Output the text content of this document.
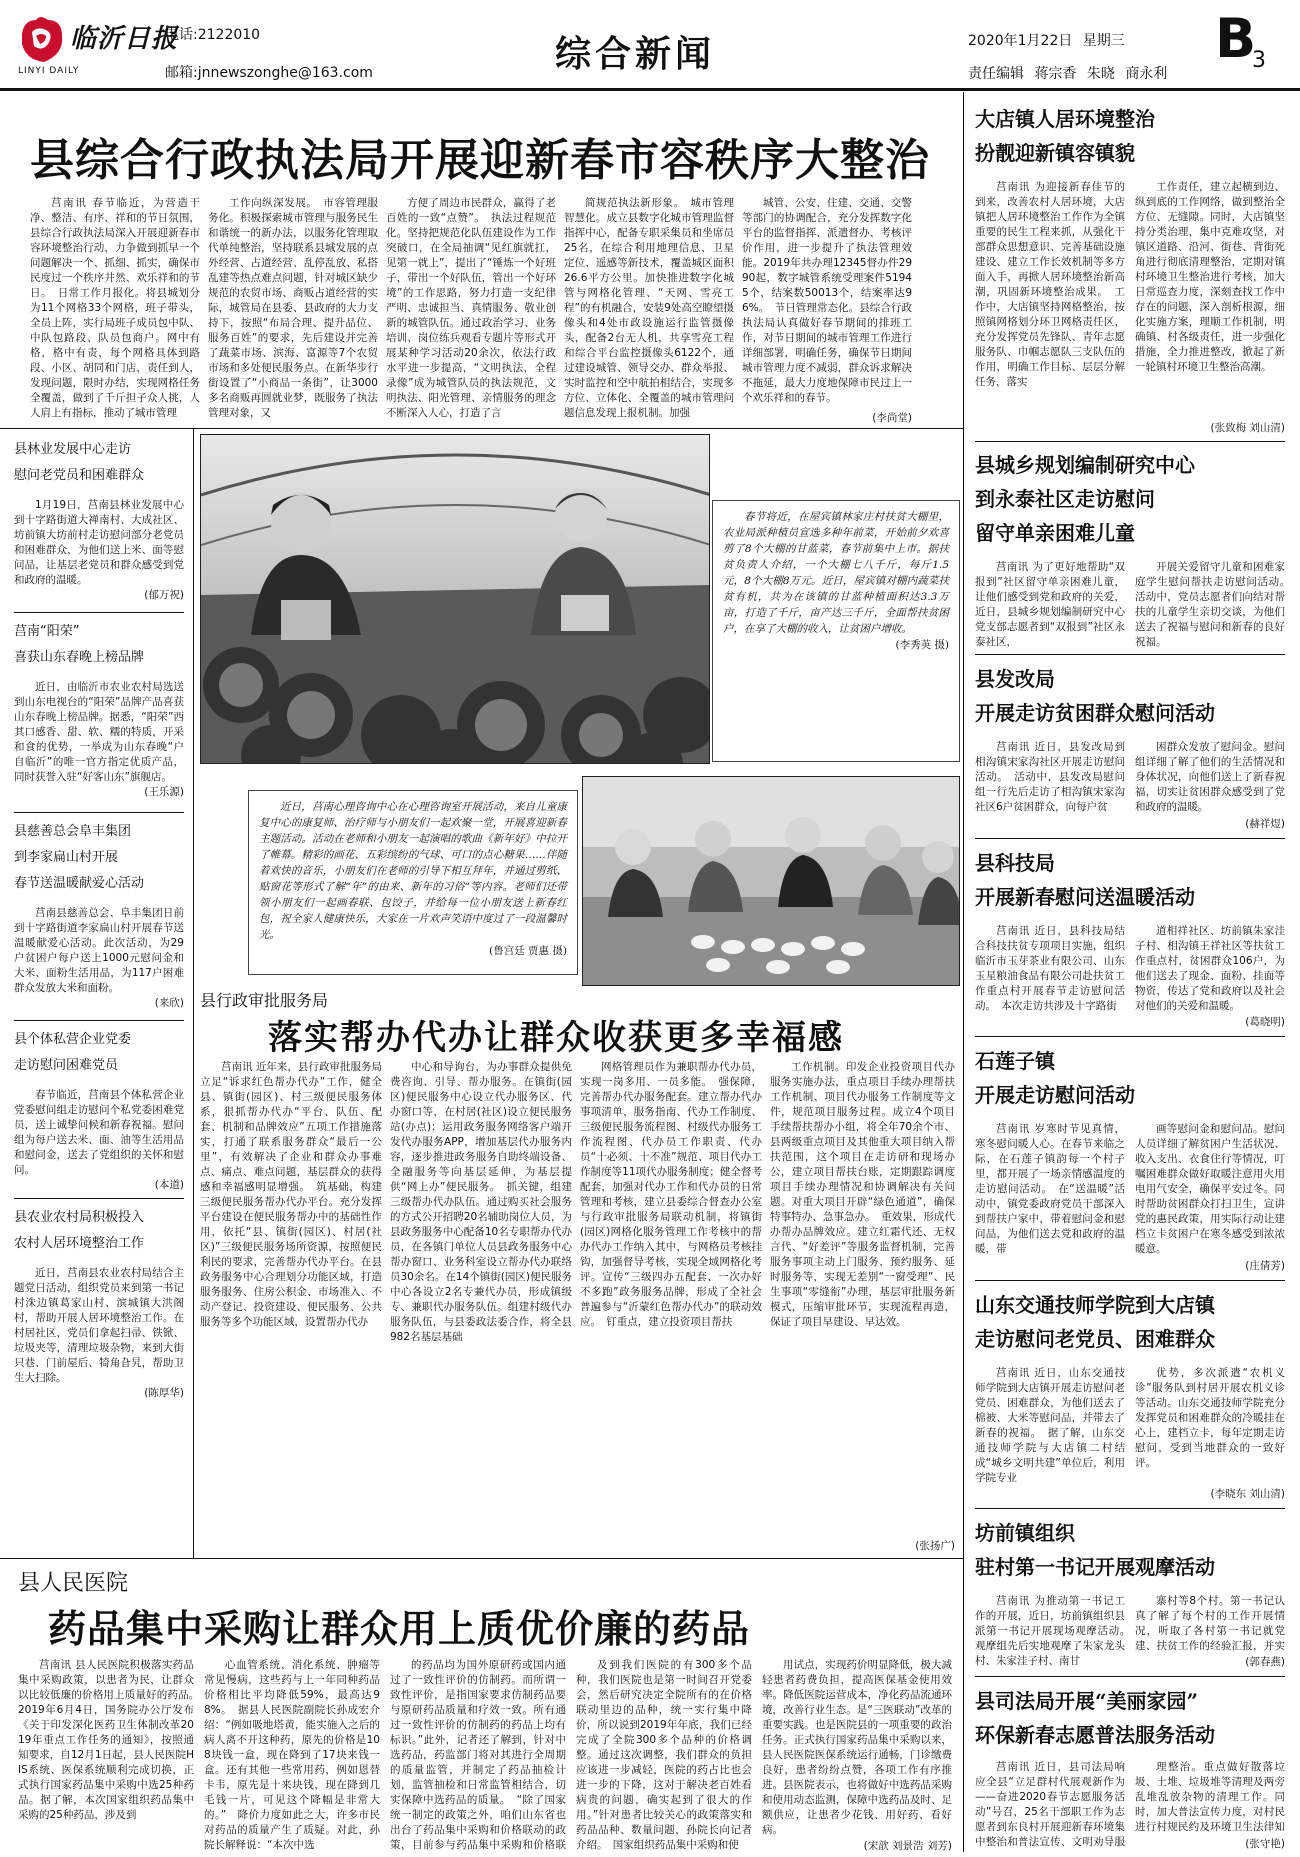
临沂日报
LINYI DAILY
电话:2122010
邮箱:jnnewszonghe@163.com	综合新闻	2020年1月22日 星期三
责任编辑 蒋宗香 朱晓 商永利
B
3
县综合行政执法局开展迎新春市容秩序大整治

莒南讯 春节临近，为营造干净、整洁、有序、祥和的节日氛围，县综合行政执法局深入开展迎新春市容环境整治行动，力争做到抓早一个问题解决一个、抓细、抓实，确保市民度过一个秩序井然、欢乐祥和的节日。　日常工作月报化。将县城划分为11个网格33个网格，班子带头，全员上阵，实行局班子成员包中队、中队包路段、队员包商户。网中有格，格中有责，每个网格具体到路段、小区、胡同和门店，责任到人，发现问题，限时办结，实现网格任务全覆盖，做到了千斤担子众人挑，人人肩上有指标，推动了城市管理

工作向纵深发展。　市容管理服务化。积极探索城市管理与服务民生和谐统一的新办法，以服务化管理取代单纯整治，坚持联系县城发展的点外经营、占道经营、乱停乱放、私搭乱建等热点难点问题，针对城区缺少规范的农贸市场、商贩占道经营的实际，城管局在县委、县政府的大力支持下，按照“布局合理、提升品位、服务百姓”的要求，先后建设并完善了蔬菜市场、滨海、富源等7个农贸市场和多处便民服务点。在新华步行街设置了“小商品一条街”，让3000多名商贩再圆就业梦，既服务了执法管理对象，又

方便了周边市民群众，赢得了老百姓的一致“点赞”。　执法过程规范化。坚持把规范化队伍建设作为工作突破口，在全局抽调“见红旗就扛，见第一就上”，提出了“锤炼一个好班子，带出一个好队伍，管出一个好环境”的工作思路，努力打造一支纪律严明、忠诚担当、真情服务、敬业创新的城管队伍。通过政治学习、业务培训、岗位练兵观看专题片等形式开展某种学习活动20余次，依法行政水平进一步提高，“文明执法，全程录像”成为城管队员的执法规范，文明执法、阳光管理、亲情服务的理念不断深入人心，打造了言

简规范执法新形象。　城市管理智慧化。成立县数字化城市管理监督指挥中心，配备专职采集员和坐席员25名，在综合利用地理信息、卫星定位、遥感等新技术，覆盖城区面积26.6平方公里。加快推进数字化城管与网格化管理、“天网、雪亮工程”的有机融合，安装9处高空瞭望摄像头和4处市政设施运行监管摄像头，配备2台无人机，共享雪亮工程和综合平台监控摄像头6122个，通过建设城管、领导交办、群众举报、实时监控和空中航拍相结合，实现多方位、立体化、全覆盖的城市管理问题信息发现上报机制。加强

城管、公安、住建、交通、交警等部门的协调配合，充分发挥数字化平台的监督指挥、派遣督办、考核评价作用，进一步提升了执法管理效能。2019年共办理12345督办件2990起，数字城管系统受理案件51945个，结案数50013个，结案率达96%。　节日管理常态化。县综合行政执法局认真做好春节期间的排班工作，对节日期间的城市管理工作进行详细部署，明确任务，确保节日期间城市管理力度不减弱，群众诉求解决不拖延，最大力度地保障市民过上一个欢乐祥和的春节。

(李尚堂)
大店镇人居环境整治
扮靓迎新镇容镇貌

莒南讯 为迎接新春佳节的到来，改善农村人居环境，大店镇把人居环境整治工作作为全镇重要的民生工程来抓，从强化干部群众思想意识、完善基础设施建设、建立工作长效机制等多方面入手，再掀人居环境整治新高潮，巩固新环境整治成果。　工作中，大店镇坚持网格整治，按照镇网格划分环卫网格责任区，充分发挥党员先锋队、青年志愿服务队、巾帼志愿队三支队伍的作用，明确工作目标、层层分解任务，落实

工作责任，建立起横到边、纵到底的工作网络，做到整治全方位、无缝隙。同时，大店镇坚持分类治理，集中克难攻坚，对镇区道路、沿河、街巷、背街死角进行彻底清理整治，定期对镇村环境卫生整治进行考核，加大日常巡查力度，深刻查找工作中存在的问题，深入剖析根源，细化实施方案，理顺工作机制，明确镇、村各级责任，进一步强化措施，全力推进整改，掀起了新一轮镇村环境卫生整治高潮。

(张致梅 刘山清)
县城乡规划编制研究中心
到永泰社区走访慰问
留守单亲困难儿童

莒南讯 为了更好地帮助“双报到”社区留守单亲困难儿童，让他们感受到党和政府的关爱，近日，县城乡规划编制研究中心党支部志愿者到“双报到”社区永泰社区，

开展关爱留守儿童和困难家庭学生慰问帮扶走访慰问活动。　活动中，党员志愿者们向结对帮扶的儿童学生亲切交谈，为他们送去了祝福与慰问和新春的良好祝福。

县发改局
开展走访贫困群众慰问活动

莒南讯 近日，县发改局到相沟镇宋家沟社区开展走访慰问活动。　活动中，县发改局慰问组一行先后走访了相沟镇宋家沟社区6户贫困群众，向每户贫

困群众发放了慰问金。慰问组详细了解了他们的生活情况和身体状况，向他们送上了新春祝福，切实让贫困群众感受到了党和政府的温暖。

(赫祥煜)
县科技局
开展新春慰问送温暖活动

莒南讯 近日，县科技局结合科技扶贫专项项目实施，组织临沂市玉芽茶业有限公司、山东玉星粮油食品有限公司赴扶贫工作重点村开展春节走访慰问活动。　本次走访共涉及十字路街

道相祥社区、坊前镇朱家洼子村、相沟镇王祥社区等扶贫工作重点村，贫困群众106户，为他们送去了现金、面粉、挂面等物资，传达了党和政府以及社会对他们的关爱和温暖。

(葛晓明)
石莲子镇
开展走访慰问活动

莒南讯 岁寒时节见真情，寒冬慰问暖人心。在春节来临之际，在石莲子镇韵每一个村子里，都开展了一场亲情感温度的走访慰问活动。　在“送温暖”活动中，镇党委政府党员干部深入到帮扶户家中，带着慰问金和慰问品，为他们送去党和政府的温暖，带

画等慰问金和慰问品。慰问人员详细了解贫困户生活状况、收入支出、衣食住行等情况，叮嘱困难群众做好取暖注意用火用电用气安全，确保平安过冬。同时帮助贫困群众打扫卫生，宣讲党的惠民政策，用实际行动让建档立卡贫困户在寒冬感受到浓浓暖意。

(庄倩芳)
山东交通技师学院到大店镇
走访慰问老党员、困难群众

莒南讯 近日，山东交通技师学院到大店镇开展走访慰问老党员、困难群众，为他们送去了棉被、大米等慰问品，并带去了新春的祝福。　据了解，山东交通技师学院与大店镇二村结成“城乡文明共建”单位后，利用学院专业

优势，多次派遣“农机义诊”服务队到村居开展农机义诊等活动。山东交通技师学院充分发挥党员和困难群众的冷暖挂在心上，建档立卡，每年定期走访慰问，受到当地群众的一致好评。

(李晓东 刘山清)
坊前镇组织
驻村第一书记开展观摩活动

莒南讯 为推动第一书记工作的开展，近日，坊前镇组织县派第一书记开展现场观摩活动。　观摩组先后实地观摩了朱家龙头村、朱家洼子村、南甘

寨村等8个村。第一书记认真了解了每个村的工作开展情况，听取了各村第一书记就党建、扶贫工作的经验汇报，并实

(郭春燕)
县司法局开展“美丽家园”
环保新春志愿普法服务活动

莒南讯 近日，县司法局响应全县“立足群村代展观新作为——奋进2020春节志愿服务活动”号召，25名干部职工作为志愿者到东良村开展迎新春环境集中整治和普法宣传、文明劝导服　

理整治。重点做好散落垃圾、土堆、垃圾堆等清理及两旁乱堆乱放杂物的清理工作。同时，加大普法宣传力度，对村民进行村规民约及环境卫生法律知

(张守艳)
县林业发展中心走访
慰问老党员和困难群众

1月19日，莒南县林业发展中心到十字路街道大禅南村、大成社区、坊前镇大坊前村走访慰问部分老党员和困难群众，为他们送上米、面等慰问品，让基层老党员和群众感受到党和政府的温暖。

(郁万祝)
莒南“阳荣”
喜获山东春晚上榜品牌

近日，由临沂市农业农村局选送到山东电视台的“阳荣”品牌产品喜获山东春晚上榜品牌。据悉，“阳荣”西其口感香、甜、软、糯的特质，开采和食的优势，一举成为山东春晚“户自临沂”的唯一官方指定优质产品，同时获誉入驻“好客山东”旗舰店。

(王乐源)
县慈善总会阜丰集团
到李家扁山村开展
春节送温暖献爱心活动

莒南县慈善总会、阜丰集团日前到十字路街道李家扁山村开展春节送温暖献爱心活动。此次活动，为29户贫困户每户送上1000元慰问金和大米、面粉生活用品，为117户困难群众发放大米和面粉。

(来欣)
县个体私营企业党委
走访慰问困难党员

春节临近，莒南县个体私营企业党委慰问组走访慰问个私党委困难党员，送上诚挚问候和新春祝福。慰问组为每户送去米、面、油等生活用品和慰问金，送去了党组织的关怀和慰问。

(本道)
县农业农村局积极投入
农村人居环境整治工作

近日，莒南县农业农村局结合主题党日活动，组织党员来到第一书记村洙边镇葛家山村、滨城镇大洪阁村，帮助开展人居环境整治工作。在村居社区，党员们拿起扫帚、铁锨、垃圾夹等，清理垃圾杂物，来到大街只巷、门前屋后、犄角旮旯，帮助卫生大扫除。

(陈厚华)

春节将近，在屋宾镇林家庄村扶贫大棚里，农业局派种植员宣选多种年前菜，开始前夕欢喜剪了8个大棚的甘蓝菜，春节前集中上市。据扶贫负责人介绍，一个大棚七八千斤，每斤1.5元，8个大棚8万元。近日，屋宾镇对棚内蔬菜扶贫有机，共为在该镇的甘蓝种植面积达3.3万亩，打造了千斤，亩产达三千斤，全面帮扶贫困户，在享了大棚的收入，让贫困户增收。

(李秀英 摄)

近日，莒南心理咨询中心在心理咨询室开展活动，来自儿童康复中心的康复师、治疗师与小朋友们一起欢聚一堂，开展喜迎新春主题活动。活动在老师和小朋友一起演唱的歌曲《新年好》中拉开了帷幕。精彩的画花、五彩缤纷的气球、可口的点心糖果……伴随着欢快的音乐，小朋友们在老师的引导下相互拜年，并通过剪纸、贴窗花等形式了解“年”的由来、新年的习俗“等内容。老师们还带领小朋友们一起画春联、包饺子，并给每一位小朋友送上新春红包，祝全家人健康快乐，大家在一片欢声笑语中度过了一段温馨时光。

(鲁宫廷 贾惠 摄)
县行政审批服务局
落实帮办代办让群众收获更多幸福感

莒南讯 近年来，县行政审批服务局立足“诉求红色帮办代办”工作，健全县、镇街(园区)、村三级便民服务体系，狠抓帮办代办“平台、队伍、配套、机制和品牌效应”五项工作措施落实，打通了联系服务群众“最后一公里”，有效解决了企业和群众办事难点、痛点、难点问题，基层群众的获得感和幸福感明显增强。　筑基础，构建三级便民服务帮办代办平台。充分发挥平台建设在便民服务帮办中的基础性作用，依托“县、镇街(园区)、村居(社区)”三级便民服务场所资源，按照便民利民的要求，完善帮办代办平台。在县政务服务中心合理划分功能区域，打造服务服务、住房公积金、市场准入、不动产登记、投资建设、便民服务、公共服务等多个功能区域，设置帮办代办

中心和导询台，为办事群众提供免费咨询、引导、帮办服务。在镇街(园区)便民服务中心设立代办服务区、代办窗口等，在村居(社区)设立便民服务站(办点)；运用政务服务网络客户端开发代办服务APP，增加基层代办服务内容，逐步推进政务服务自助终端设备、全融服务等向基层延伸，为基层提供“网上办”便民服务。　抓关键，组建三级帮办代办队伍。通过购买社会服务的方式公开招聘20名辅助岗位人员，为县政务服务中心配备10名专职帮办代办员，在各镇门单位人员县政务服务中心帮办窗口、业务科室设立帮办代办联络员30余名。在14个镇街(园区)便民服务中心各设立2名专兼代办员，形成镇级专、兼职代办服务队伍。组建村级代办服务队伍，与县委政法委合作，将全县982名基层基础

网格管理员作为兼职帮办代办员，实现一岗多用、一员多能。　强保障，完善帮办代办服务配套。建立帮办代办事项清单、服务指南、代办工作制度、三级便民服务流程图、村级代办服务工作流程图、代办员工作职责、代办员“十必须、十不准”规范、项目代办工作制度等11项代办服务制度；健全督考配套，加强对代办工作和代办员的日常管理和考核，建立县委综合督查办公室与行政审批服务局联动机制，将镇街(园区)网格化服务管理工作考核中的帮办代办工作纳入其中，与网格员考核挂钩，加强督导考核，实现全域网格化考评。宣传“三级四办五配套、一次办好不多跑”政务服务品牌，形成了全社会普遍参与“沂蒙红色帮办代办”的联动效应。　钉重点，建立投资项目帮扶

工作机制。印发企业投资项目代办服务实施办法，重点项目手续办理帮扶工作机制、项目代办服务工作制度等文件，规范项目服务过程。成立4个项目手续帮扶帮办小组，将全年70余个市、县两级重点项目及其他重大项目纳入帮扶范围，这个项目在走访研和现场办公，建立项目帮扶台账，定期跟踪调度项目手续办理情况和协调解决有关问题。对重大项目开辟“绿色通道”，确保特事特办、急事急办。　重效果，形成代办帮办品牌效应。建立红霜代还、无权言代、“好差评”等服务监督机制，完善服务事项主动上门服务、预约服务、延时服务等，实现无差别“一窗受理”、民生事项“零缝衔”办理，基层审批服务新模式，压缩审批环节，实现流程再造，保证了项目早建设、早达效。

(张扬广)
县人民医院
药品集中采购让群众用上质优价廉的药品

莒南讯 县人民医院积极落实药品集中采购政策，以患者为民，让群众以比较低廉的价格用上质量好的药品。　2019年6月4日，国务院办公厅发布《关于印发深化医药卫生体制改革2019年重点工作任务的通知》，按照通知要求，自12月1日起，县人民医院HIS系统、医保系统顺利完成切换，正式执行国家药品集中采购中选25种药品。据了解，本次国家组织药品集中采购的25种药品，涉及到

心血管系统、消化系统、肿瘤等常见慢病，这些药与上一年同种药品价格相比平均降低59%，最高达98%。　据县人民医院副院长孙成宏介绍：“例如吸地塔黄，能实施入之后的病人离不开这种药，原先的价格是108块钱一盒，现在降到了17块来钱一盒。还有其他一些常用药，例如恩替卡韦，原先是十来块钱，现在降到几毛钱一片，可见这个降幅是非常大的。”　降价力度如此之大，许多市民对药品的质量产生了质疑。对此，孙院长解释说：“本次中选

的药品均为国外原研药或国内通过了一致性评价的仿制药。而所谓一致性评价，是指国家要求仿制药品要与原研药品质量和疗效一致。所有通过一致性评价的仿制药的药品上均有标识。”此外，记者还了解到，针对中选药品，药监部门将对其进行全周期的质量监管，并制定了药品抽检计划，监管抽检和日常监管相结合，切实保障中选药品的质量。　“除了国家统一制定的政策之外，咱们山东省也出台了药品集中采购和价格联动的政策，目前参与药品集中采购和价格联

及到我们医院的有300多个品种，我们医院也是第一时间召开党委会，然后研究决定全院所有的在价格联动里边的品种，统一实行集中降价，所以说到2019年年底，我们已经完成了全院300多个品种的价格调整。通过这次调整，我们群众的负担应该进一步减轻，医院的药占比也会进一步的下降，这对于解决老百姓看病贵的问题，确实起到了很大的作用。”针对患者比较关心的政策落实和药品品种、数量问题，孙院长向记者介绍。　国家组织药品集中采购和使

用试点，实现药价明显降低，极大减轻患者药费负担，提高医保基金使用效率。降低医院运营成本，净化药品流通环境，改善行业生态。是“三医联动”改革的重要实践。也是医院县的一项重要的政治任务。正式执行国家药品集中采购以来，县人民医院医保系统运行通畅，门诊缴费良好，患者纷纷点赞，各项工作有序推进。县医院表示，也将做好中选药品采购和使用动态监测，保障中选药品及时、足额供应，让患者少花钱、用好药、看好病。

(宋歆 刘景浩 刘芳)
